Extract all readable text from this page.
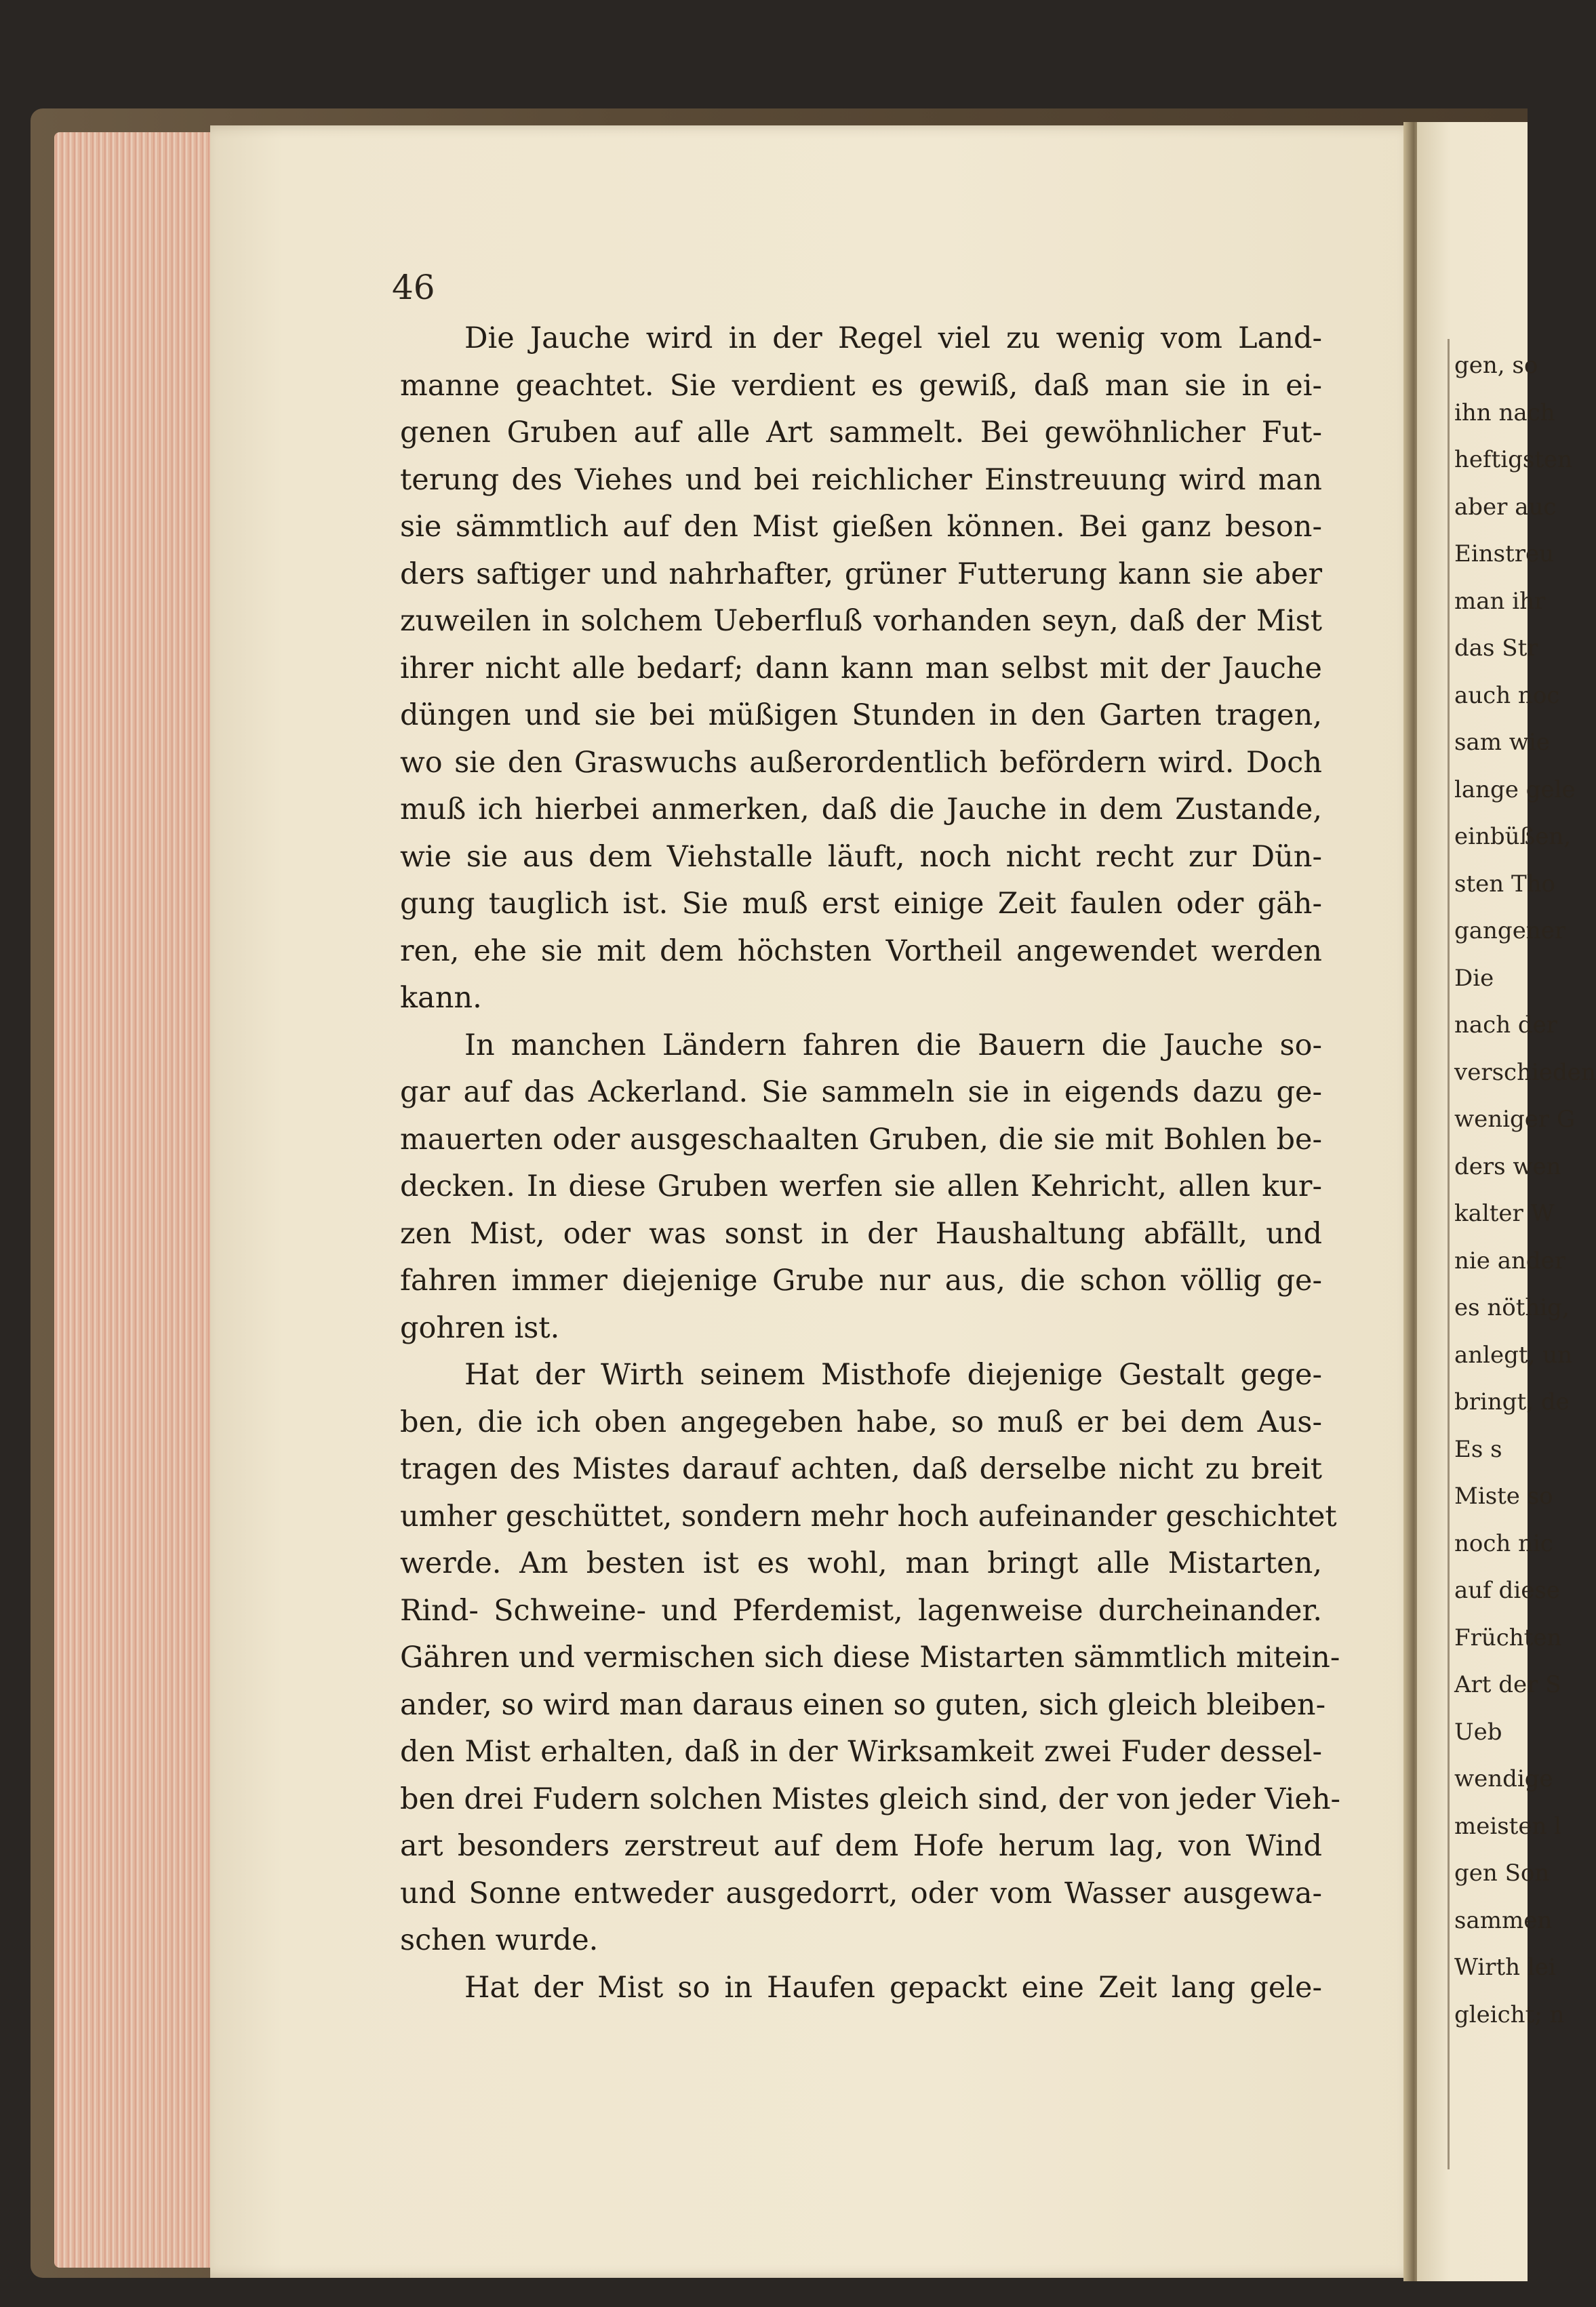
46
Die Jauche wird in der Regel viel zu wenig vom Land-
manne geachtet. Sie verdient es gewiß, daß man sie in ei-
genen Gruben auf alle Art sammelt. Bei gewöhnlicher Fut-
terung des Viehes und bei reichlicher Einstreuung wird man
sie sämmtlich auf den Mist gießen können. Bei ganz beson-
ders saftiger und nahrhafter, grüner Futterung kann sie aber
zuweilen in solchem Ueberfluß vorhanden seyn, daß der Mist
ihrer nicht alle bedarf; dann kann man selbst mit der Jauche
düngen und sie bei müßigen Stunden in den Garten tragen,
wo sie den Graswuchs außerordentlich befördern wird. Doch
muß ich hierbei anmerken, daß die Jauche in dem Zustande,
wie sie aus dem Viehstalle läuft, noch nicht recht zur Dün-
gung tauglich ist. Sie muß erst einige Zeit faulen oder gäh-
ren, ehe sie mit dem höchsten Vortheil angewendet werden
kann.
In manchen Ländern fahren die Bauern die Jauche so-
gar auf das Ackerland. Sie sammeln sie in eigends dazu ge-
mauerten oder ausgeschaalten Gruben, die sie mit Bohlen be-
decken. In diese Gruben werfen sie allen Kehricht, allen kur-
zen Mist, oder was sonst in der Haushaltung abfällt, und
fahren immer diejenige Grube nur aus, die schon völlig ge-
gohren ist.
Hat der Wirth seinem Misthofe diejenige Gestalt gege-
ben, die ich oben angegeben habe, so muß er bei dem Aus-
tragen des Mistes darauf achten, daß derselbe nicht zu breit
umher geschüttet, sondern mehr hoch aufeinander geschichtet
werde. Am besten ist es wohl, man bringt alle Mistarten,
Rind- Schweine- und Pferdemist, lagenweise durcheinander.
Gähren und vermischen sich diese Mistarten sämmtlich mitein-
ander, so wird man daraus einen so guten, sich gleich bleiben-
den Mist erhalten, daß in der Wirksamkeit zwei Fuder dessel-
ben drei Fudern solchen Mistes gleich sind, der von jeder Vieh-
art besonders zerstreut auf dem Hofe herum lag, von Wind
und Sonne entweder ausgedorrt, oder vom Wasser ausgewa-
schen wurde.
Hat der Mist so in Haufen gepackt eine Zeit lang gele-
gen, so
ihn nach
heftigsten
aber auc
Einstreu
man ihr
das Str
auch noc
sam wie
lange gele
einbüßen,
sten Tho
gangener
Die
nach der
verschieden
weniger G
ders wen
kalter W
nie ander
es nöthig,
anlegt, un
bringt, de
Es s
Miste so
noch nic
auf diese
Früchten
Art der S
Ueb
wendige
meisten l
gen Son
sammen
Wirth lei
gleicht; n
